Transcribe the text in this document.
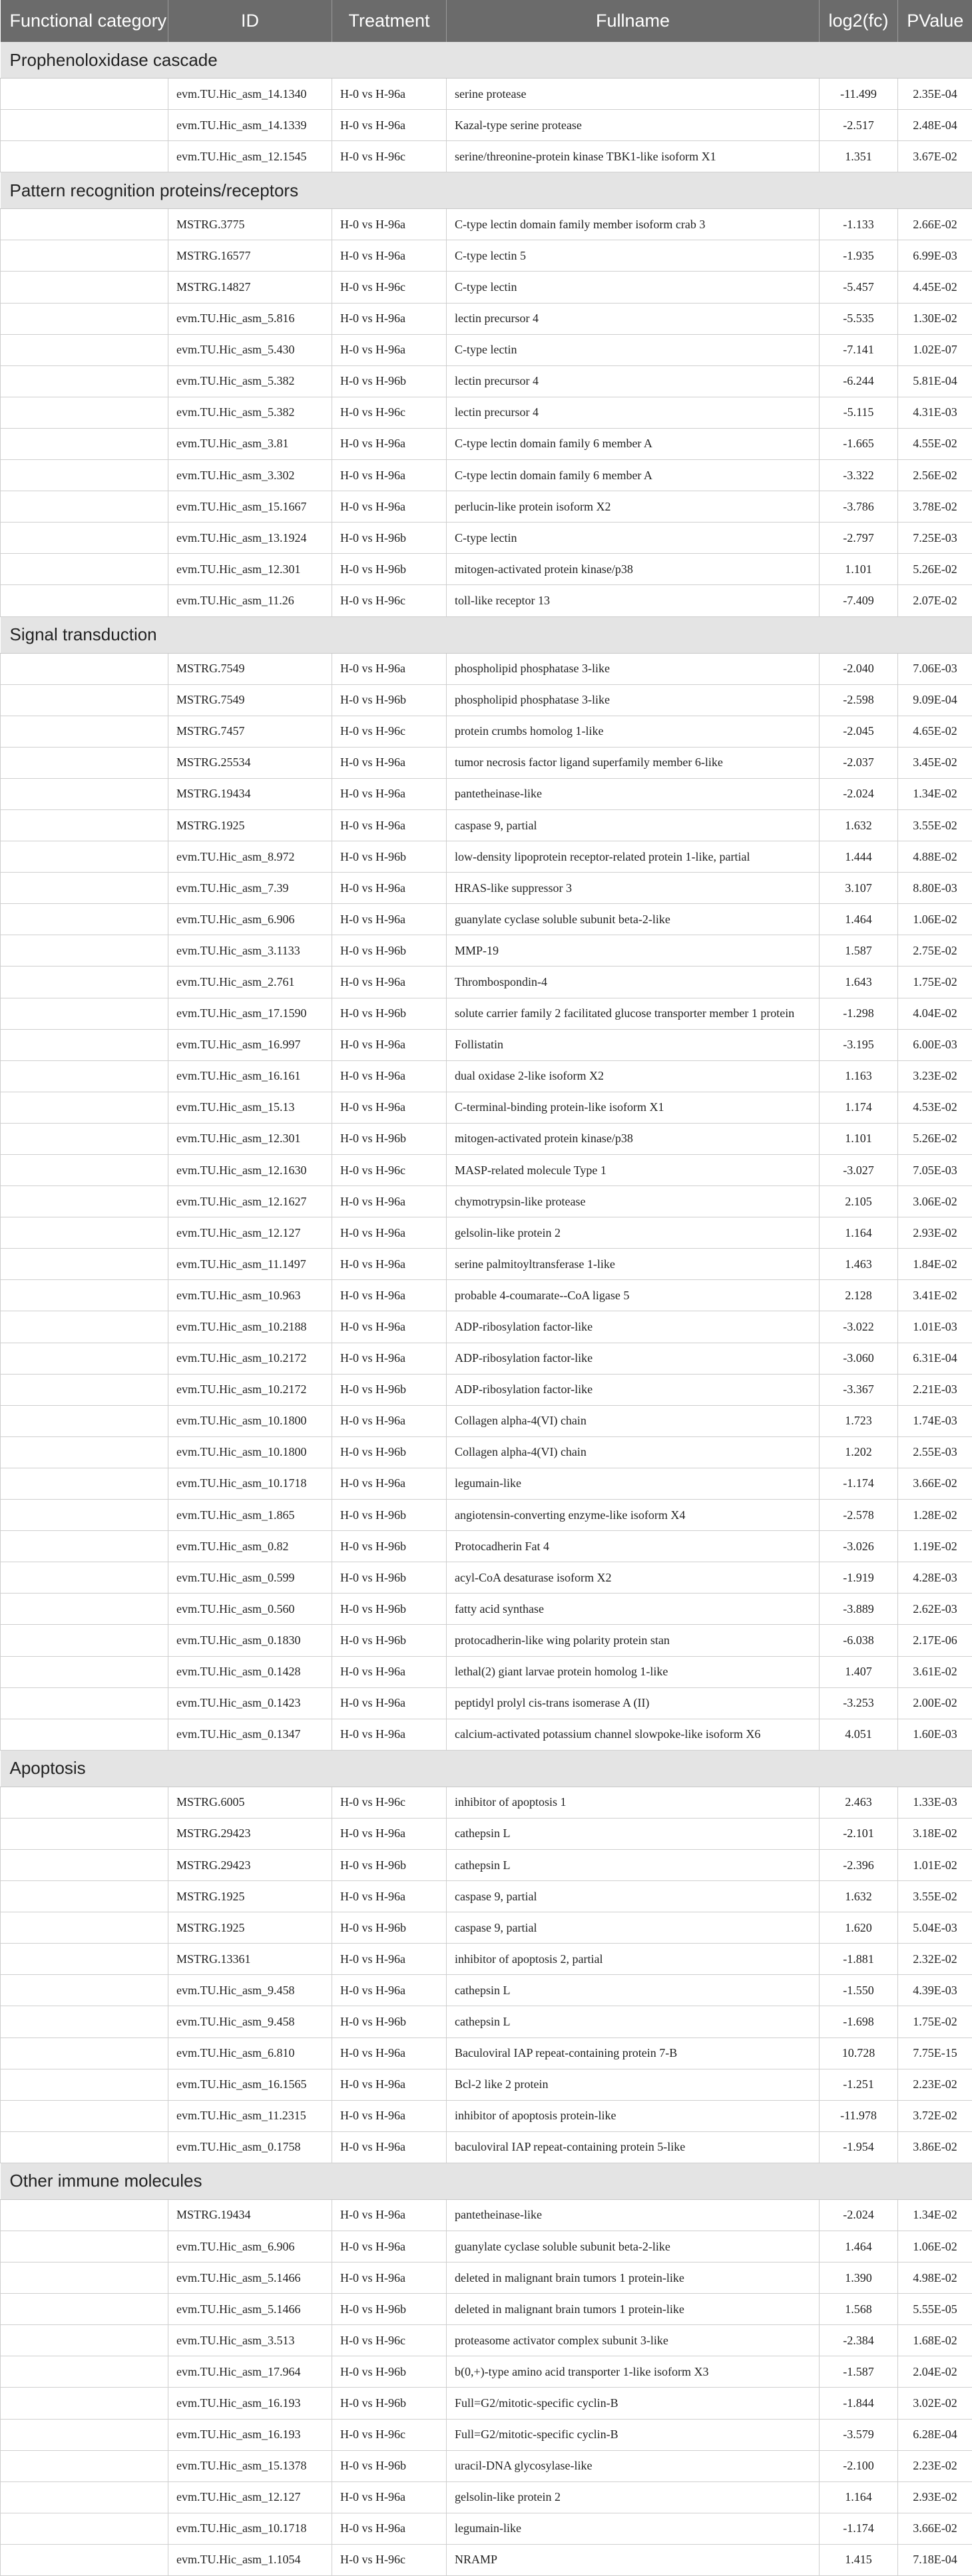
Functional category	ID	Treatment	Fullname	log2(fc)	PValue
Prophenoloxidase cascade					
	evm.TU.Hic_asm_14.1340	H-0 vs H-96a	serine protease	-11.499	2.35E-04
	evm.TU.Hic_asm_14.1339	H-0 vs H-96a	Kazal-type serine protease	-2.517	2.48E-04
	evm.TU.Hic_asm_12.1545	H-0 vs H-96c	serine/threonine-protein kinase TBK1-like isoform X1	1.351	3.67E-02
Pattern recognition proteins/receptors					
	MSTRG.3775	H-0 vs H-96a	C-type lectin domain family member isoform crab 3	-1.133	2.66E-02
	MSTRG.16577	H-0 vs H-96a	C-type lectin 5	-1.935	6.99E-03
	MSTRG.14827	H-0 vs H-96c	C-type lectin	-5.457	4.45E-02
	evm.TU.Hic_asm_5.816	H-0 vs H-96a	lectin precursor 4	-5.535	1.30E-02
	evm.TU.Hic_asm_5.430	H-0 vs H-96a	C-type lectin	-7.141	1.02E-07
	evm.TU.Hic_asm_5.382	H-0 vs H-96b	lectin precursor 4	-6.244	5.81E-04
	evm.TU.Hic_asm_5.382	H-0 vs H-96c	lectin precursor 4	-5.115	4.31E-03
	evm.TU.Hic_asm_3.81	H-0 vs H-96a	C-type lectin domain family 6 member A	-1.665	4.55E-02
	evm.TU.Hic_asm_3.302	H-0 vs H-96a	C-type lectin domain family 6 member A	-3.322	2.56E-02
	evm.TU.Hic_asm_15.1667	H-0 vs H-96a	perlucin-like protein isoform X2	-3.786	3.78E-02
	evm.TU.Hic_asm_13.1924	H-0 vs H-96b	C-type lectin	-2.797	7.25E-03
	evm.TU.Hic_asm_12.301	H-0 vs H-96b	mitogen-activated protein kinase/p38	1.101	5.26E-02
	evm.TU.Hic_asm_11.26	H-0 vs H-96c	toll-like receptor 13	-7.409	2.07E-02
Signal transduction					
	MSTRG.7549	H-0 vs H-96a	phospholipid phosphatase 3-like	-2.040	7.06E-03
	MSTRG.7549	H-0 vs H-96b	phospholipid phosphatase 3-like	-2.598	9.09E-04
	MSTRG.7457	H-0 vs H-96c	protein crumbs homolog 1-like	-2.045	4.65E-02
	MSTRG.25534	H-0 vs H-96a	tumor necrosis factor ligand superfamily member 6-like	-2.037	3.45E-02
	MSTRG.19434	H-0 vs H-96a	pantetheinase-like	-2.024	1.34E-02
	MSTRG.1925	H-0 vs H-96a	caspase 9, partial	1.632	3.55E-02
	evm.TU.Hic_asm_8.972	H-0 vs H-96b	low-density lipoprotein receptor-related protein 1-like, partial	1.444	4.88E-02
	evm.TU.Hic_asm_7.39	H-0 vs H-96a	HRAS-like suppressor 3	3.107	8.80E-03
	evm.TU.Hic_asm_6.906	H-0 vs H-96a	guanylate cyclase soluble subunit beta-2-like	1.464	1.06E-02
	evm.TU.Hic_asm_3.1133	H-0 vs H-96b	MMP-19	1.587	2.75E-02
	evm.TU.Hic_asm_2.761	H-0 vs H-96a	Thrombospondin-4	1.643	1.75E-02
	evm.TU.Hic_asm_17.1590	H-0 vs H-96b	solute carrier family 2 facilitated glucose transporter member 1 protein	-1.298	4.04E-02
	evm.TU.Hic_asm_16.997	H-0 vs H-96a	Follistatin	-3.195	6.00E-03
	evm.TU.Hic_asm_16.161	H-0 vs H-96a	dual oxidase 2-like isoform X2	1.163	3.23E-02
	evm.TU.Hic_asm_15.13	H-0 vs H-96a	C-terminal-binding protein-like isoform X1	1.174	4.53E-02
	evm.TU.Hic_asm_12.301	H-0 vs H-96b	mitogen-activated protein kinase/p38	1.101	5.26E-02
	evm.TU.Hic_asm_12.1630	H-0 vs H-96c	MASP-related molecule Type 1	-3.027	7.05E-03
	evm.TU.Hic_asm_12.1627	H-0 vs H-96a	chymotrypsin-like protease	2.105	3.06E-02
	evm.TU.Hic_asm_12.127	H-0 vs H-96a	gelsolin-like protein 2	1.164	2.93E-02
	evm.TU.Hic_asm_11.1497	H-0 vs H-96a	serine palmitoyltransferase 1-like	1.463	1.84E-02
	evm.TU.Hic_asm_10.963	H-0 vs H-96a	probable 4-coumarate--CoA ligase 5	2.128	3.41E-02
	evm.TU.Hic_asm_10.2188	H-0 vs H-96a	ADP-ribosylation factor-like	-3.022	1.01E-03
	evm.TU.Hic_asm_10.2172	H-0 vs H-96a	ADP-ribosylation factor-like	-3.060	6.31E-04
	evm.TU.Hic_asm_10.2172	H-0 vs H-96b	ADP-ribosylation factor-like	-3.367	2.21E-03
	evm.TU.Hic_asm_10.1800	H-0 vs H-96a	Collagen alpha-4(VI) chain	1.723	1.74E-03
	evm.TU.Hic_asm_10.1800	H-0 vs H-96b	Collagen alpha-4(VI) chain	1.202	2.55E-03
	evm.TU.Hic_asm_10.1718	H-0 vs H-96a	legumain-like	-1.174	3.66E-02
	evm.TU.Hic_asm_1.865	H-0 vs H-96b	angiotensin-converting enzyme-like isoform X4	-2.578	1.28E-02
	evm.TU.Hic_asm_0.82	H-0 vs H-96b	Protocadherin Fat 4	-3.026	1.19E-02
	evm.TU.Hic_asm_0.599	H-0 vs H-96b	acyl-CoA desaturase isoform X2	-1.919	4.28E-03
	evm.TU.Hic_asm_0.560	H-0 vs H-96b	fatty acid synthase	-3.889	2.62E-03
	evm.TU.Hic_asm_0.1830	H-0 vs H-96b	protocadherin-like wing polarity protein stan	-6.038	2.17E-06
	evm.TU.Hic_asm_0.1428	H-0 vs H-96a	lethal(2) giant larvae protein homolog 1-like	1.407	3.61E-02
	evm.TU.Hic_asm_0.1423	H-0 vs H-96a	peptidyl prolyl cis-trans isomerase A (II)	-3.253	2.00E-02
	evm.TU.Hic_asm_0.1347	H-0 vs H-96a	calcium-activated potassium channel slowpoke-like isoform X6	4.051	1.60E-03
Apoptosis					
	MSTRG.6005	H-0 vs H-96c	inhibitor of apoptosis 1	2.463	1.33E-03
	MSTRG.29423	H-0 vs H-96a	cathepsin L	-2.101	3.18E-02
	MSTRG.29423	H-0 vs H-96b	cathepsin L	-2.396	1.01E-02
	MSTRG.1925	H-0 vs H-96a	caspase 9, partial	1.632	3.55E-02
	MSTRG.1925	H-0 vs H-96b	caspase 9, partial	1.620	5.04E-03
	MSTRG.13361	H-0 vs H-96a	inhibitor of apoptosis 2, partial	-1.881	2.32E-02
	evm.TU.Hic_asm_9.458	H-0 vs H-96a	cathepsin L	-1.550	4.39E-03
	evm.TU.Hic_asm_9.458	H-0 vs H-96b	cathepsin L	-1.698	1.75E-02
	evm.TU.Hic_asm_6.810	H-0 vs H-96a	Baculoviral IAP repeat-containing protein 7-B	10.728	7.75E-15
	evm.TU.Hic_asm_16.1565	H-0 vs H-96a	Bcl-2 like 2 protein	-1.251	2.23E-02
	evm.TU.Hic_asm_11.2315	H-0 vs H-96a	inhibitor of apoptosis protein-like	-11.978	3.72E-02
	evm.TU.Hic_asm_0.1758	H-0 vs H-96a	baculoviral IAP repeat-containing protein 5-like	-1.954	3.86E-02
Other immune molecules					
	MSTRG.19434	H-0 vs H-96a	pantetheinase-like	-2.024	1.34E-02
	evm.TU.Hic_asm_6.906	H-0 vs H-96a	guanylate cyclase soluble subunit beta-2-like	1.464	1.06E-02
	evm.TU.Hic_asm_5.1466	H-0 vs H-96a	deleted in malignant brain tumors 1 protein-like	1.390	4.98E-02
	evm.TU.Hic_asm_5.1466	H-0 vs H-96b	deleted in malignant brain tumors 1 protein-like	1.568	5.55E-05
	evm.TU.Hic_asm_3.513	H-0 vs H-96c	proteasome activator complex subunit 3-like	-2.384	1.68E-02
	evm.TU.Hic_asm_17.964	H-0 vs H-96b	b(0,+)-type amino acid transporter 1-like isoform X3	-1.587	2.04E-02
	evm.TU.Hic_asm_16.193	H-0 vs H-96b	Full=G2/mitotic-specific cyclin-B	-1.844	3.02E-02
	evm.TU.Hic_asm_16.193	H-0 vs H-96c	Full=G2/mitotic-specific cyclin-B	-3.579	6.28E-04
	evm.TU.Hic_asm_15.1378	H-0 vs H-96b	uracil-DNA glycosylase-like	-2.100	2.23E-02
	evm.TU.Hic_asm_12.127	H-0 vs H-96a	gelsolin-like protein 2	1.164	2.93E-02
	evm.TU.Hic_asm_10.1718	H-0 vs H-96a	legumain-like	-1.174	3.66E-02
	evm.TU.Hic_asm_1.1054	H-0 vs H-96c	NRAMP	1.415	7.18E-04
